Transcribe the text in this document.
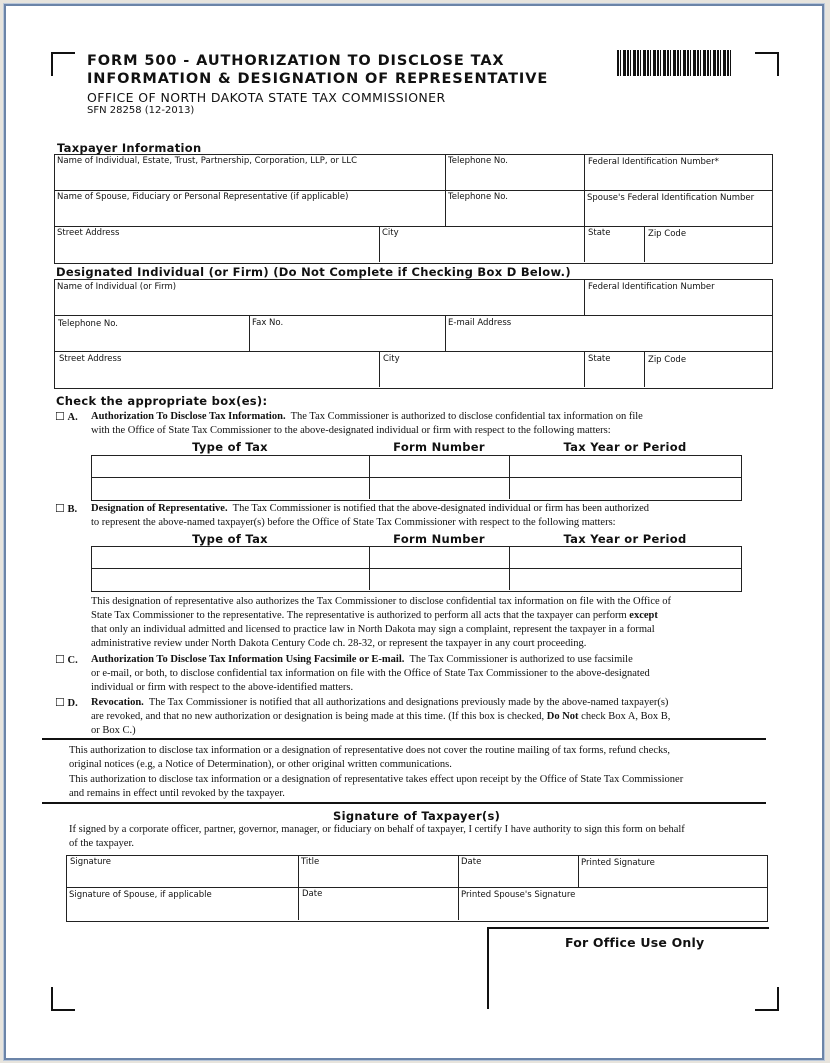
FORM 500 - AUTHORIZATION TO DISCLOSE TAX
INFORMATION & DESIGNATION OF REPRESENTATIVE
OFFICE OF NORTH DAKOTA STATE TAX COMMISSIONER
SFN 28258 (12-2013)
Taxpayer Information
Name of Individual, Estate, Trust, Partnership, Corporation, LLP, or LLC	Telephone No.	Federal Identification Number*
Name of Spouse, Fiduciary or Personal Representative (if applicable)	Telephone No.	Spouse's Federal Identification Number
Street Address	City	State	Zip Code
Designated Individual (or Firm) (Do Not Complete if Checking Box D Below.)
Name of Individual (or Firm)	Federal Identification Number
Telephone No.	Fax No.	E-mail Address
Street Address	City	State	Zip Code
Check the appropriate box(es):
☐ A. Authorization To Disclose Tax Information. The Tax Commissioner is authorized to disclose confidential tax information on file
with the Office of State Tax Commissioner to the above-designated individual or firm with respect to the following matters:
Type of Tax	Form Number	Tax Year or Period
☐ B. Designation of Representative. The Tax Commissioner is notified that the above-designated individual or firm has been authorized
to represent the above-named taxpayer(s) before the Office of State Tax Commissioner with respect to the following matters:
Type of Tax	Form Number	Tax Year or Period
This designation of representative also authorizes the Tax Commissioner to disclose confidential tax information on file with the Office of
State Tax Commissioner to the representative. The representative is authorized to perform all acts that the taxpayer can perform except
that only an individual admitted and licensed to practice law in North Dakota may sign a complaint, represent the taxpayer in a formal
administrative review under North Dakota Century Code ch. 28-32, or represent the taxpayer in any court proceeding.
☐ C. Authorization To Disclose Tax Information Using Facsimile or E-mail. The Tax Commissioner is authorized to use facsimile
or e-mail, or both, to disclose confidential tax information on file with the Office of State Tax Commissioner to the above-designated
individual or firm with respect to the above-identified matters.
☐ D. Revocation. The Tax Commissioner is notified that all authorizations and designations previously made by the above-named taxpayer(s)
are revoked, and that no new authorization or designation is being made at this time. (If this box is checked, Do Not check Box A, Box B,
or Box C.)
This authorization to disclose tax information or a designation of representative does not cover the routine mailing of tax forms, refund checks,
original notices (e.g, a Notice of Determination), or other original written communications.
This authorization to disclose tax information or a designation of representative takes effect upon receipt by the Office of State Tax Commissioner
and remains in effect until revoked by the taxpayer.
Signature of Taxpayer(s)
If signed by a corporate officer, partner, governor, manager, or fiduciary on behalf of taxpayer, I certify I have authority to sign this form on behalf
of the taxpayer.
Signature	Title	Date	Printed Signature
Signature of Spouse, if applicable	Date	Printed Spouse's Signature
For Office Use Only
